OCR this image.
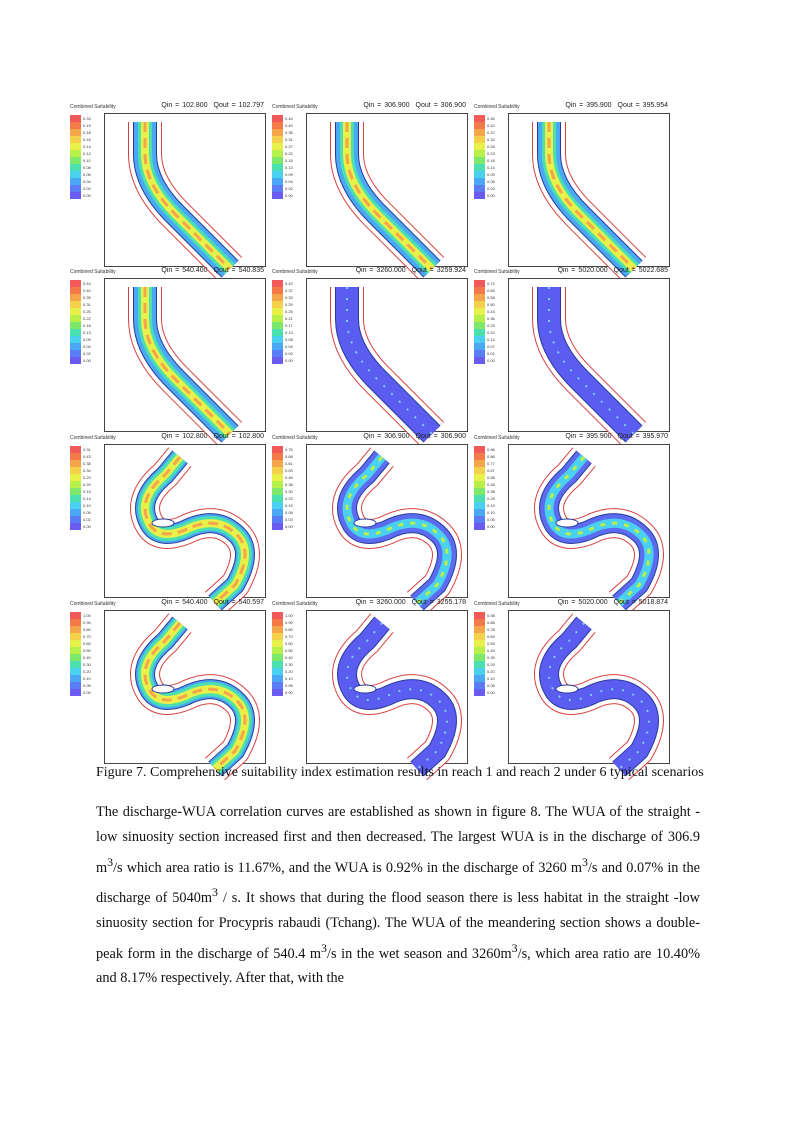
Combined Suitability	Qin = 102.800 Qout = 102.797
0.33
0.19
0.18
0.16
0.14
0.12
0.10
0.08
0.06
0.04
0.02
0.00
Combined Suitability	Qin = 306.900 Qout = 306.900
0.44
0.40
0.35
0.31
0.27
0.22
0.18
0.13
0.09
0.04
0.02
0.00
Combined Suitability	Qin = 395.900 Qout = 395.954
0.46
0.42
0.37
0.32
0.28
0.23
0.18
0.14
0.09
0.05
0.02
0.00
Combined Suitability	Qin = 540.400 Qout = 540.835
0.44
0.40
0.35
0.31
0.26
0.22
0.18
0.13
0.09
0.04
0.02
0.00
Combined Suitability	Qin = 3260.000 Qout = 3259.924
0.42
0.37
0.33
0.29
0.25
0.21
0.17
0.13
0.08
0.04
0.02
0.00
Combined Suitability	Qin = 5020.000 Qout = 5022.685
0.72
0.65
0.58
0.50
0.43
0.36
0.29
0.22
0.14
0.07
0.01
0.00
Combined Suitability	Qin = 102.800 Qout = 102.800
0.31
0.43
0.38
0.34
0.29
0.24
0.19
0.14
0.10
0.05
0.02
0.00
Combined Suitability	Qin = 306.900 Qout = 306.900
0.76
0.68
0.61
0.53
0.46
0.38
0.30
0.23
0.15
0.08
0.03
0.00
Combined Suitability	Qin = 395.900 Qout = 395.970
0.96
0.86
0.77
0.67
0.58
0.48
0.38
0.29
0.19
0.10
0.05
0.00
Combined Suitability	Qin = 540.400 Qout = 540.597
1.00
0.90
0.80
0.70
0.60
0.50
0.40
0.30
0.20
0.10
0.05
0.00
Combined Suitability	Qin = 3260.000 Qout = 3255.178
1.00
0.90
0.80
0.70
0.60
0.50
0.40
0.30
0.20
0.10
0.05
0.00
Combined Suitability	Qin = 5020.000 Qout = 5018.874
0.98
0.88
0.78
0.69
0.59
0.49
0.39
0.29
0.20
0.10
0.05
0.00
Figure 7. Comprehensive suitability index estimation results in reach 1 and reach 2 under 6 typical scenarios

The discharge-WUA correlation curves are established as shown in figure 8. The WUA of the straight -low sinuosity section increased first and then decreased. The largest WUA is in the discharge of 306.9 $m^3/s$ which area ratio is 11.67%, and the WUA is 0.92% in the discharge of 3260 $m^3/s$ and 0.07% in the discharge of $5040m^3$ / s. It shows that during the flood season there is less habitat in the straight -low sinuosity section for Procypris rabaudi (Tchang). The WUA of the meandering section shows a double-peak form in the discharge of 540.4 $m^3/s$ in the wet season and $3260m^3/s$, which area ratio are 10.40% and 8.17% respectively. After that, with the
